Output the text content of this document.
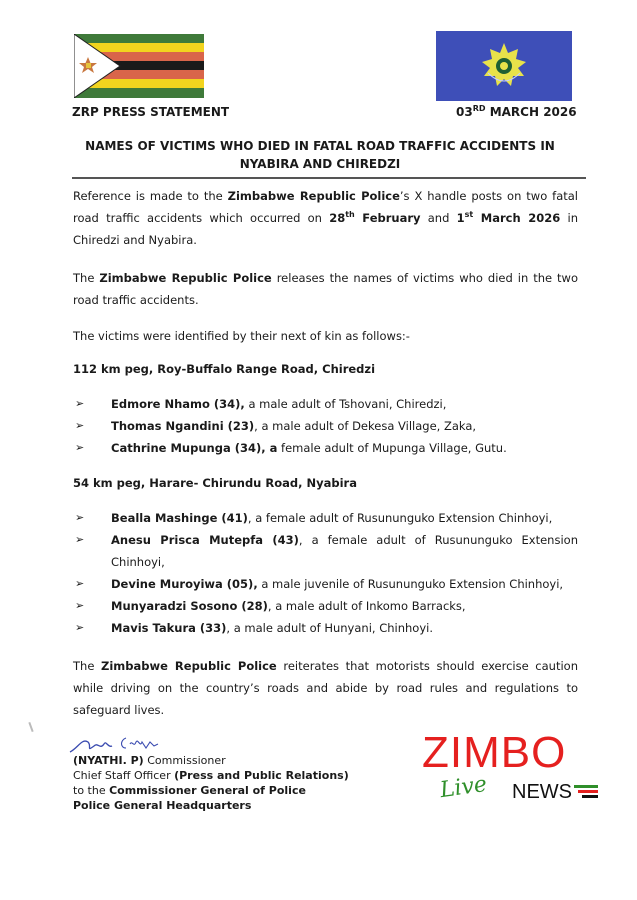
ZRP PRESS STATEMENT	03RD MARCH 2026
NAMES OF VICTIMS WHO DIED IN FATAL ROAD TRAFFIC ACCIDENTS IN
NYABIRA AND CHIREDZI
Reference is made to the Zimbabwe Republic Police’s X handle posts on two fatal road traffic accidents which occurred on 28th February and 1st March 2026 in Chiredzi and Nyabira.
The Zimbabwe Republic Police releases the names of victims who died in the two road traffic accidents.
The victims were identified by their next of kin as follows:-
112 km peg, Roy-Buffalo Range Road, Chiredzi
➢ Edmore Nhamo (34), a male adult of Tshovani, Chiredzi,
➢ Thomas Ngandini (23), a male adult of Dekesa Village, Zaka,
➢ Cathrine Mupunga (34), a female adult of Mupunga Village, Gutu.
54 km peg, Harare- Chirundu Road, Nyabira
➢ Bealla Mashinge (41), a female adult of Rusununguko Extension Chinhoyi,
➢ Anesu Prisca Mutepfa (43), a female adult of Rusununguko Extension Chinhoyi,
➢ Devine Muroyiwa (05), a male juvenile of Rusununguko Extension Chinhoyi,
➢ Munyaradzi Sosono (28), a male adult of Inkomo Barracks,
➢ Mavis Takura (33), a male adult of Hunyani, Chinhoyi.
The Zimbabwe Republic Police reiterates that motorists should exercise caution while driving on the country’s roads and abide by road rules and regulations to safeguard lives.
(NYATHI. P) Commissioner
Chief Staff Officer (Press and Public Relations)
to the Commissioner General of Police
Police General Headquarters
ZIMBO
Live NEWS
